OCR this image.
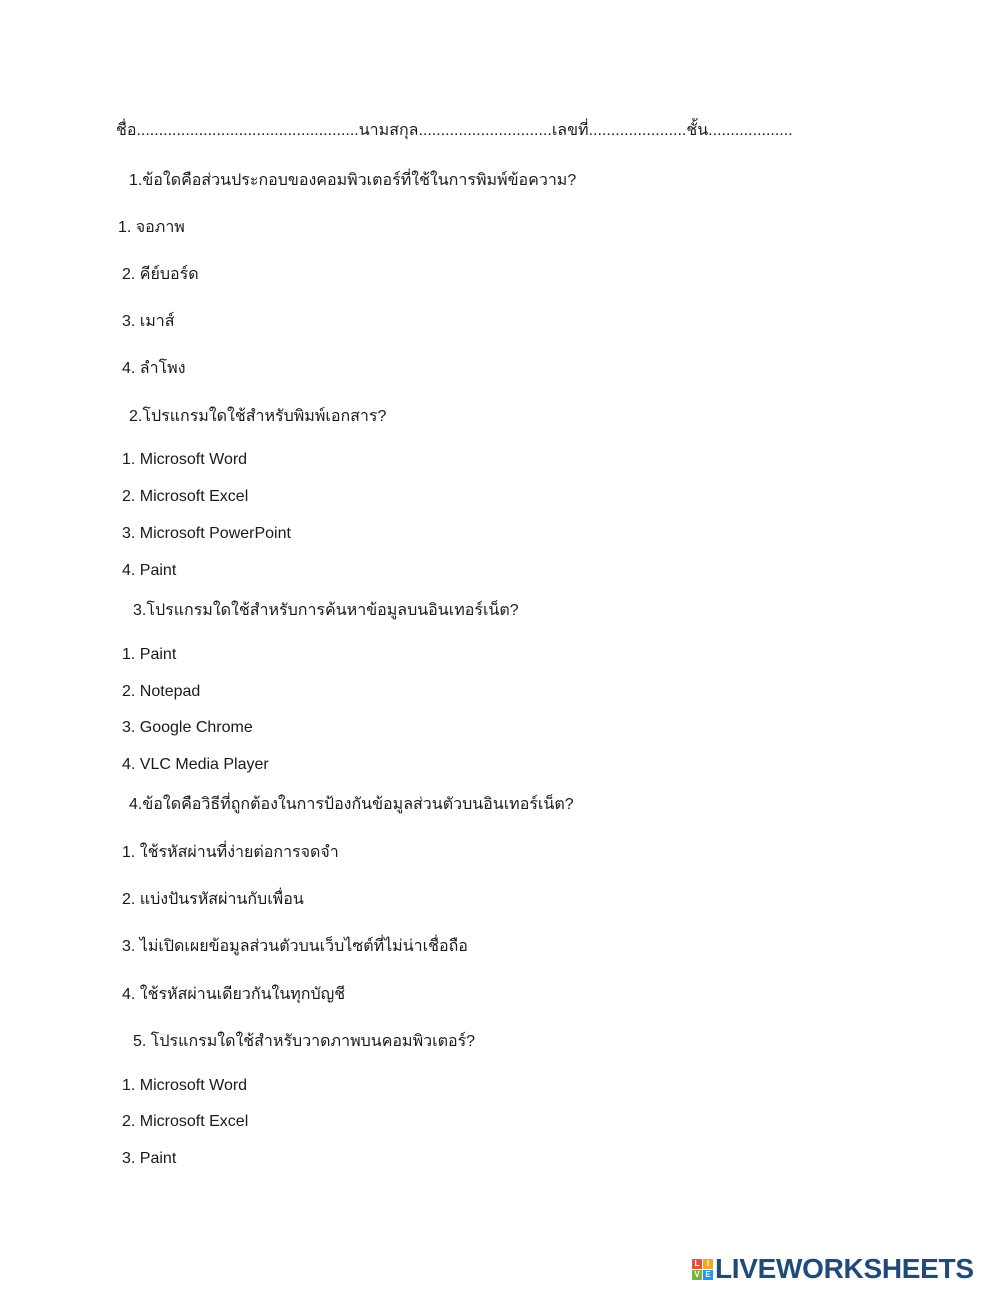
ชื่อ..................................................นามสกุล..............................เลขที่......................ชั้น...................
1.ข้อใดคือส่วนประกอบของคอมพิวเตอร์ที่ใช้ในการพิมพ์ข้อความ?
1. จอภาพ
2. คีย์บอร์ด
3. เมาส์
4. ลำโพง
2.โปรแกรมใดใช้สำหรับพิมพ์เอกสาร?
1. Microsoft Word
2. Microsoft Excel
3. Microsoft PowerPoint
4. Paint
3.โปรแกรมใดใช้สำหรับการค้นหาข้อมูลบนอินเทอร์เน็ต?
1. Paint
2. Notepad
3. Google Chrome
4. VLC Media Player
4.ข้อใดคือวิธีที่ถูกต้องในการป้องกันข้อมูลส่วนตัวบนอินเทอร์เน็ต?
1. ใช้รหัสผ่านที่ง่ายต่อการจดจำ
2. แบ่งปันรหัสผ่านกับเพื่อน
3. ไม่เปิดเผยข้อมูลส่วนตัวบนเว็บไซต์ที่ไม่น่าเชื่อถือ
4. ใช้รหัสผ่านเดียวกันในทุกบัญชี
5. โปรแกรมใดใช้สำหรับวาดภาพบนคอมพิวเตอร์?
1. Microsoft Word
2. Microsoft Excel
3. Paint
L I
V E LIVEWORKSHEETS
